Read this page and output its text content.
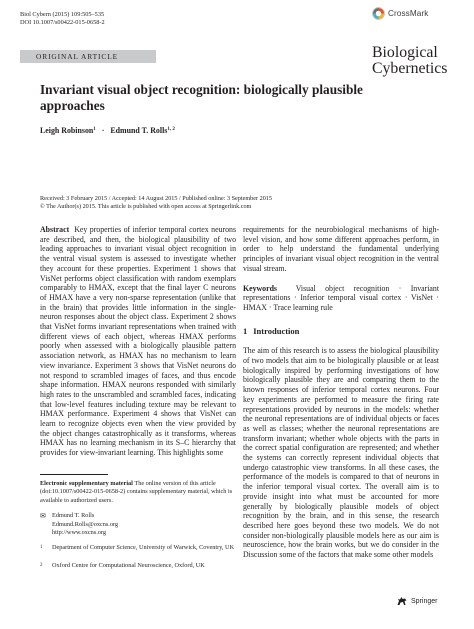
Biol Cybern (2015) 109:505–535
DOI 10.1007/s00422-015-0658-2
CrossMark
ORIGINAL ARTICLE	Biological
Cybernetics
Invariant visual object recognition: biologically plausible approaches
Leigh Robinson$^1$ · Edmund T. Rolls$^{1, 2}$
Received: 3 February 2015 / Accepted: 14 August 2015 / Published online: 3 September 2015
© The Author(s) 2015. This article is published with open access at Springerlink.com
Abstract Key properties of inferior temporal cortex neurons are described, and then, the biological plausibility of two leading approaches to invariant visual object recognition in the ventral visual system is assessed to investigate whether they account for these properties. Experiment 1 shows that VisNet performs object classification with random exemplars comparably to HMAX, except that the final layer C neurons of HMAX have a very non-sparse representation (unlike that in the brain) that provides little information in the single-neuron responses about the object class. Experiment 2 shows that VisNet forms invariant representations when trained with different views of each object, whereas HMAX performs poorly when assessed with a biologically plausible pattern association network, as HMAX has no mechanism to learn view invariance. Experiment 3 shows that VisNet neurons do not respond to scrambled images of faces, and thus encode shape information. HMAX neurons responded with similarly high rates to the unscrambled and scrambled faces, indicating that low-level features including texture may be relevant to HMAX performance. Experiment 4 shows that VisNet can learn to recognize objects even when the view provided by the object changes catastrophically as it transforms, whereas HMAX has no learning mechanism in its S–C hierarchy that provides for view-invariant learning. This highlights some
Electronic supplementary material The online version of this article (doi:10.1007/s00422-015-0658-2) contains supplementary material, which is available to authorized users.
✉ Edmund T. Rolls
Edmund.Rolls@oxcns.org
http://www.oxcns.org
$^1$	Department of Computer Science, University of Warwick, Coventry, UK
$^2$	Oxford Centre for Computational Neuroscience, Oxford, UK
requirements for the neurobiological mechanisms of high-level vision, and how some different approaches perform, in order to help understand the fundamental underlying principles of invariant visual object recognition in the ventral visual stream.
Keywords Visual object recognition · Invariant representations · Inferior temporal visual cortex · VisNet · HMAX · Trace learning rule
1 Introduction
The aim of this research is to assess the biological plausibility of two models that aim to be biologically plausible or at least biologically inspired by performing investigations of how biologically plausible they are and comparing them to the known responses of inferior temporal cortex neurons. Four key experiments are performed to measure the firing rate representations provided by neurons in the models: whether the neuronal representations are of individual objects or faces as well as classes; whether the neuronal representations are transform invariant; whether whole objects with the parts in the correct spatial configuration are represented; and whether the systems can correctly represent individual objects that undergo catastrophic view transforms. In all these cases, the performance of the models is compared to that of neurons in the inferior temporal visual cortex. The overall aim is to provide insight into what must be accounted for more generally by biologically plausible models of object recognition by the brain, and in this sense, the research described here goes beyond these two models. We do not consider non-biologically plausible models here as our aim is neuroscience, how the brain works, but we do consider in the Discussion some of the factors that make some other models
Springer
